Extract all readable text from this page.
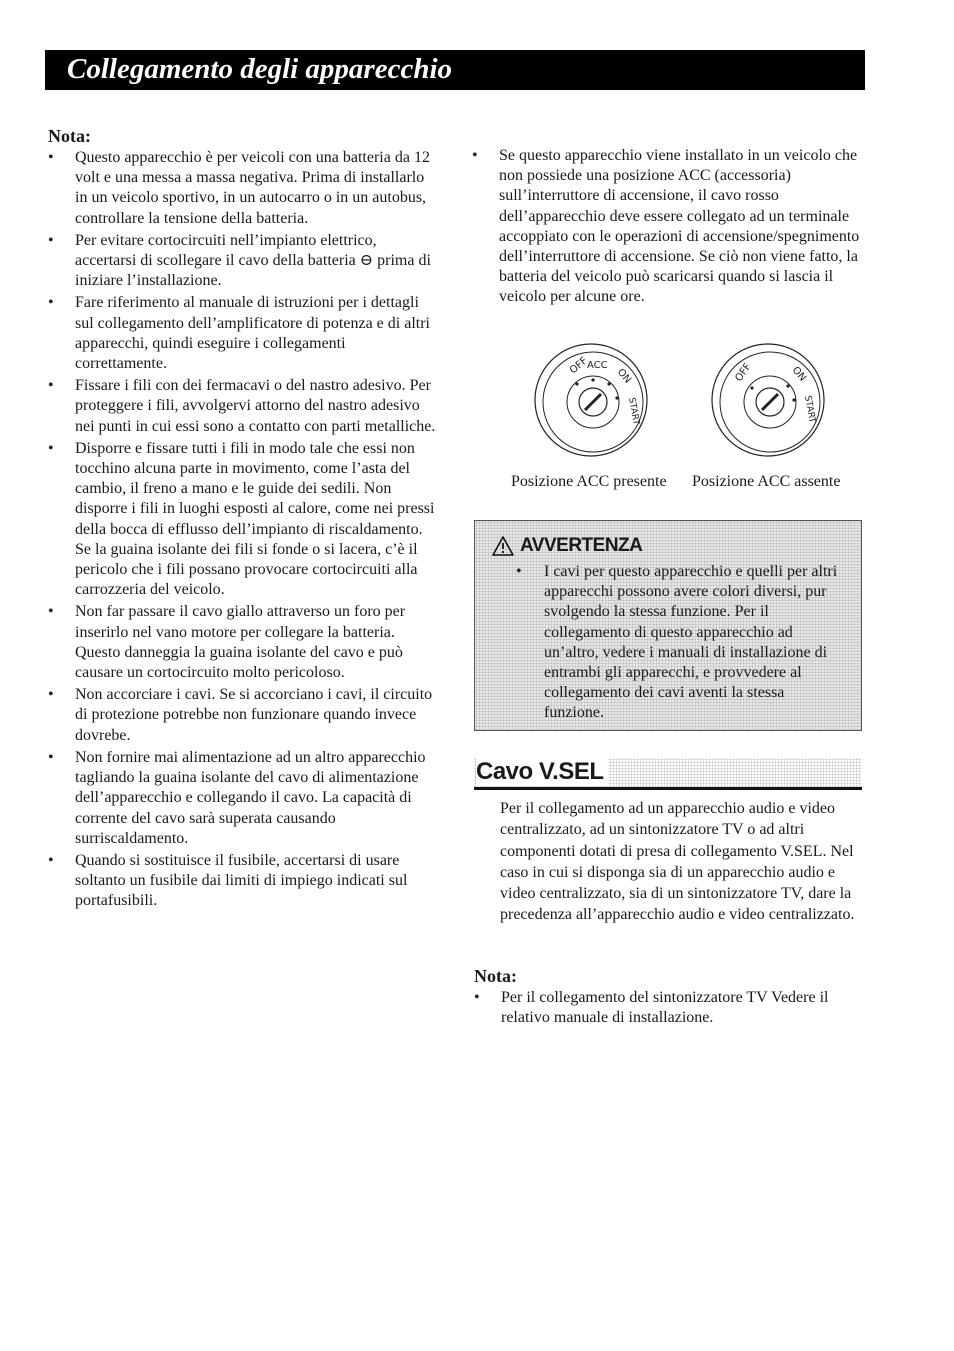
Collegamento degli apparecchio
Nota:
• Questo apparecchio è per veicoli con una batteria da 12 volt e una messa a massa negativa. Prima di installarlo in un veicolo sportivo, in un autocarro o in un autobus, controllare la tensione della batteria.
• Per evitare cortocircuiti nell’impianto elettrico, accertarsi di scollegare il cavo della batteria ⊖ prima di iniziare l’installazione.
• Fare riferimento al manuale di istruzioni per i dettagli sul collegamento dell’amplificatore di potenza e di altri apparecchi, quindi eseguire i collegamenti correttamente.
• Fissare i fili con dei fermacavi o del nastro adesivo. Per proteggere i fili, avvolgervi attorno del nastro adesivo nei punti in cui essi sono a contatto con parti metalliche.
• Disporre e fissare tutti i fili in modo tale che essi non tocchino alcuna parte in movimento, come l’asta del cambio, il freno a mano e le guide dei sedili. Non disporre i fili in luoghi esposti al calore, come nei pressi della bocca di efflusso dell’impianto di riscaldamento. Se la guaina isolante dei fili si fonde o si lacera, c’è il pericolo che i fili possano provocare cortocircuiti alla carrozzeria del veicolo.
• Non far passare il cavo giallo attraverso un foro per inserirlo nel vano motore per collegare la batteria. Questo danneggia la guaina isolante del cavo e può causare un cortocircuito molto pericoloso.
• Non accorciare i cavi. Se si accorciano i cavi, il circuito di protezione potrebbe non funzionare quando invece dovrebe.
• Non fornire mai alimentazione ad un altro apparecchio tagliando la guaina isolante del cavo di alimentazione dell’apparecchio e collegando il cavo. La capacità di corrente del cavo sarà superata causando surriscaldamento.
• Quando si sostituisce il fusibile, accertarsi di usare soltanto un fusibile dai limiti di impiego indicati sul portafusibili.
• Se questo apparecchio viene installato in un veicolo che non possiede una posizione ACC (accessoria) sull’interruttore di accensione, il cavo rosso dell’apparecchio deve essere collegato ad un terminale accoppiato con le operazioni di accensione/spegnimento dell’interruttore di accensione. Se ciò non viene fatto, la batteria del veicolo può scaricarsi quando si lascia il veicolo per alcune ore.
OFF
ACC
ON
START
OFF	ON
START
Posizione ACC presente Posizione ACC assente
AVVERTENZA
•	I cavi per questo apparecchio e quelli per altri apparecchi possono avere colori diversi, pur svolgendo la stessa funzione. Per il collegamento di questo apparecchio ad un’altro, vedere i manuali di installazione di entrambi gli apparecchi, e provvedere al collegamento dei cavi aventi la stessa funzione.
Cavo V.SEL
Per il collegamento ad un apparecchio audio e video centralizzato, ad un sintonizzatore TV o ad altri componenti dotati di presa di collegamento V.SEL. Nel caso in cui si disponga sia di un apparecchio audio e video centralizzato, sia di un sintonizzatore TV, dare la precedenza all’apparecchio audio e video centralizzato.
Nota:
• Per il collegamento del sintonizzatore TV Vedere il relativo manuale di installazione.
